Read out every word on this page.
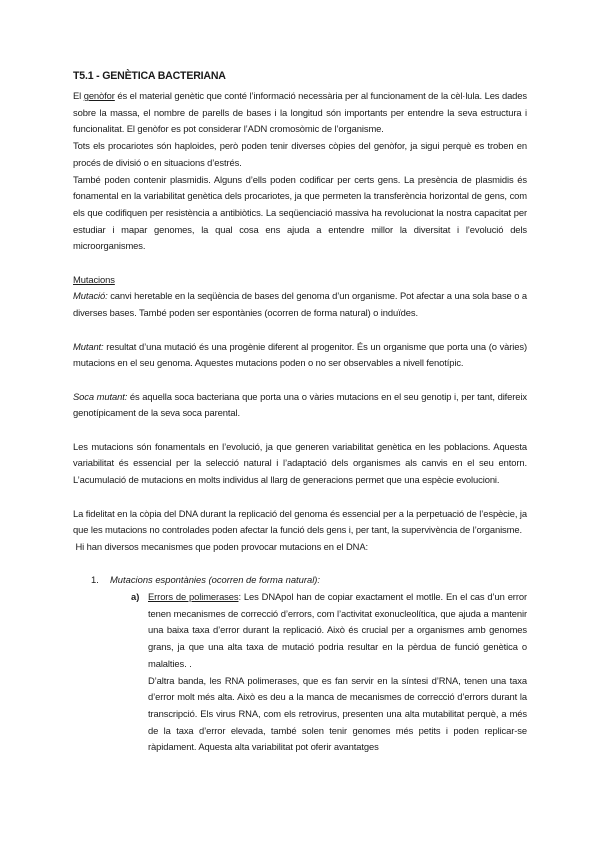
T5.1 - GENÈTICA BACTERIANA

El genòfor és el material genètic que conté l’informació necessària per al funcionament de la cèl·lula. Les dades sobre la massa, el nombre de parells de bases i la longitud són importants per entendre la seva estructura i funcionalitat. El genòfor es pot considerar l’ADN cromosòmic de l’organisme.

Tots els procariotes són haploides, però poden tenir diverses còpies del genòfor, ja sigui perquè es troben en procés de divisió o en situacions d’estrés.

També poden contenir plasmidis. Alguns d’ells poden codificar per certs gens. La presència de plasmidis és fonamental en la variabilitat genètica dels procariotes, ja que permeten la transferència horizontal de gens, com els que codifiquen per resistència a antibiòtics. La seqüenciació massiva ha revolucionat la nostra capacitat per estudiar i mapar genomes, la qual cosa ens ajuda a entendre millor la diversitat i l’evolució dels microorganismes.

Mutacions

Mutació: canvi heretable en la seqüència de bases del genoma d’un organisme. Pot afectar a una sola base o a diverses bases. També poden ser espontànies (ocorren de forma natural) o induïdes.

Mutant: resultat d’una mutació és una progènie diferent al progenitor. És un organisme que porta una (o vàries) mutacions en el seu genoma. Aquestes mutacions poden o no ser observables a nivell fenotípic.

Soca mutant: és aquella soca bacteriana que porta una o vàries mutacions en el seu genotip i, per tant, difereix genotípicament de la seva soca parental.

Les mutacions són fonamentals en l’evolució, ja que generen variabilitat genètica en les poblacions. Aquesta variabilitat és essencial per la selecció natural i l’adaptació dels organismes als canvis en el seu entorn. L’acumulació de mutacions en molts individus al llarg de generacions permet que una espècie evolucioni.

La fidelitat en la còpia del DNA durant la replicació del genoma és essencial per a la perpetuació de l’espècie, ja que les mutacions no controlades poden afectar la funció dels gens i, per tant, la supervivència de l’organisme.

Hi han diversos mecanismes que poden provocar mutacions en el DNA:

1. Mutacions espontànies (ocorren de forma natural):
a) Errors de polimerases: Les DNApol han de copiar exactament el motlle. En el cas d’un error tenen mecanismes de correcció d’errors, com l’activitat exonucleolítica, que ajuda a mantenir una baixa taxa d’error durant la replicació. Això és crucial per a organismes amb genomes grans, ja que una alta taxa de mutació podria resultar en la pèrdua de funció genètica o malalties. .

D’altra banda, les RNA polimerases, que es fan servir en la síntesi d’RNA, tenen una taxa d’error molt més alta. Això es deu a la manca de mecanismes de correcció d’errors durant la transcripció. Els virus RNA, com els retrovirus, presenten una alta mutabilitat perquè, a més de la taxa d’error elevada, també solen tenir genomes més petits i poden replicar-se ràpidament. Aquesta alta variabilitat pot oferir avantatges
